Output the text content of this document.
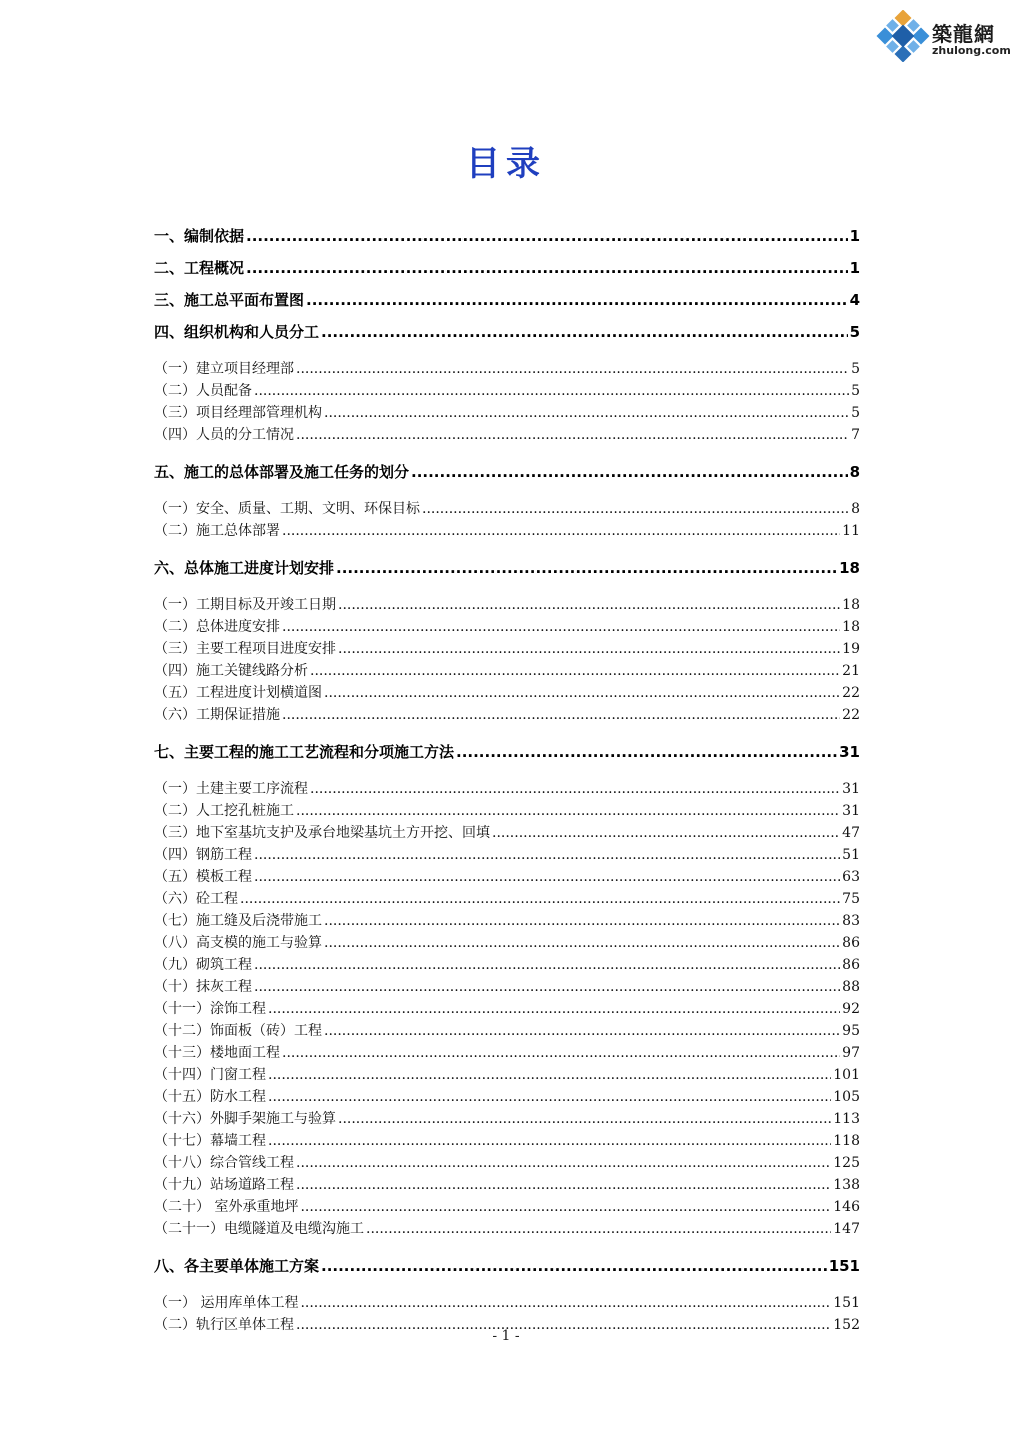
築龍網
zhulong.com
目录
一、编制依据 .....	1
二、工程概况 .....	1
三、施工总平面布置图 .....	4
四、组织机构和人员分工 .....	5
（一）建立项目经理部 .....	5
（二）人员配备 .....	5
（三）项目经理部管理机构 .....	5
（四）人员的分工情况 .....	7
五、施工的总体部署及施工任务的划分 .....	8
（一）安全、质量、工期、文明、环保目标 .....	8
（二）施工总体部署 .....	11
六、总体施工进度计划安排 .....	18
（一）工期目标及开竣工日期 .....	18
（二）总体进度安排 .....	18
（三）主要工程项目进度安排 .....	19
（四）施工关键线路分析 .....	21
（五）工程进度计划横道图 .....	22
（六）工期保证措施 .....	22
七、主要工程的施工工艺流程和分项施工方法 .....	31
（一）土建主要工序流程 .....	31
（二）人工挖孔桩施工 .....	31
（三）地下室基坑支护及承台地梁基坑土方开挖、回填 .....	47
（四）钢筋工程 .....	51
（五）模板工程 .....	63
（六）砼工程 .....	75
（七）施工缝及后浇带施工 .....	83
（八）高支模的施工与验算 .....	86
（九）砌筑工程 .....	86
（十）抹灰工程 .....	88
（十一）涂饰工程 .....	92
（十二）饰面板（砖）工程 .....	95
（十三）楼地面工程 .....	97
（十四）门窗工程 .....	101
（十五）防水工程 .....	105
（十六）外脚手架施工与验算 .....	113
（十七）幕墙工程 .....	118
（十八）综合管线工程 .....	125
（十九）站场道路工程 .....	138
（二十） 室外承重地坪 .....	146
（二十一）电缆隧道及电缆沟施工 .....	147
八、各主要单体施工方案 .....	151
（一） 运用库单体工程 .....	151
（二）轨行区单体工程 .....	152
- 1 -
